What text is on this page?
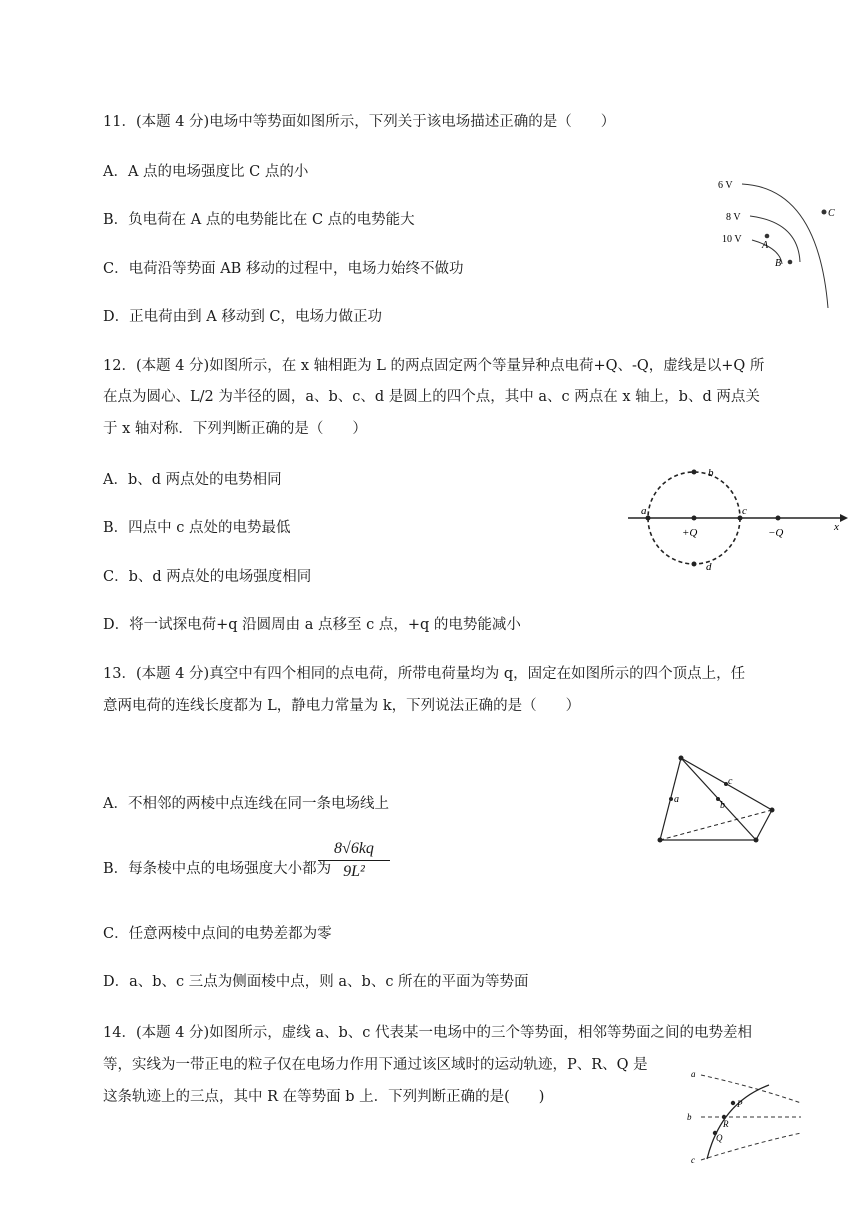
11．(本题 4 分)电场中等势面如图所示，下列关于该电场描述正确的是（　　）
A．A 点的电场强度比 C 点的小
B．负电荷在 A 点的电势能比在 C 点的电势能大
C．电荷沿等势面 AB 移动的过程中，电场力始终不做功
D．正电荷由到 A 移动到 C，电场力做正功
6 V
8 V
10 V
A
B
C
12．(本题 4 分)如图所示，在 x 轴相距为 L 的两点固定两个等量异种点电荷+Q、-Q，虚线是以+Q 所
在点为圆心、L/2 为半径的圆，a、b、c、d 是圆上的四个点，其中 a、c 两点在 x 轴上，b、d 两点关
于 x 轴对称．下列判断正确的是（　　）
A．b、d 两点处的电势相同
B．四点中 c 点处的电势最低
C．b、d 两点处的电场强度相同
D．将一试探电荷+q 沿圆周由 a 点移至 c 点，+q 的电势能减小
a
b
c
d
+Q	−Q	x
13．(本题 4 分)真空中有四个相同的点电荷，所带电荷量均为 q，固定在如图所示的四个顶点上，任
意两电荷的连线长度都为 L，静电力常量为 k，下列说法正确的是（　　）
A．不相邻的两棱中点连线在同一条电场线上
B．每条棱中点的电场强度大小都为
8√6kq
9L²
C．任意两棱中点间的电势差都为零
D．a、b、c 三点为侧面棱中点，则 a、b、c 所在的平面为等势面
a
b
c
14．(本题 4 分)如图所示，虚线 a、b、c 代表某一电场中的三个等势面，相邻等势面之间的电势差相
等，实线为一带正电的粒子仅在电场力作用下通过该区域时的运动轨迹，P、R、Q 是
这条轨迹上的三点，其中 R 在等势面 b 上．下列判断正确的是(　　)
a
b
c
P
R
Q
